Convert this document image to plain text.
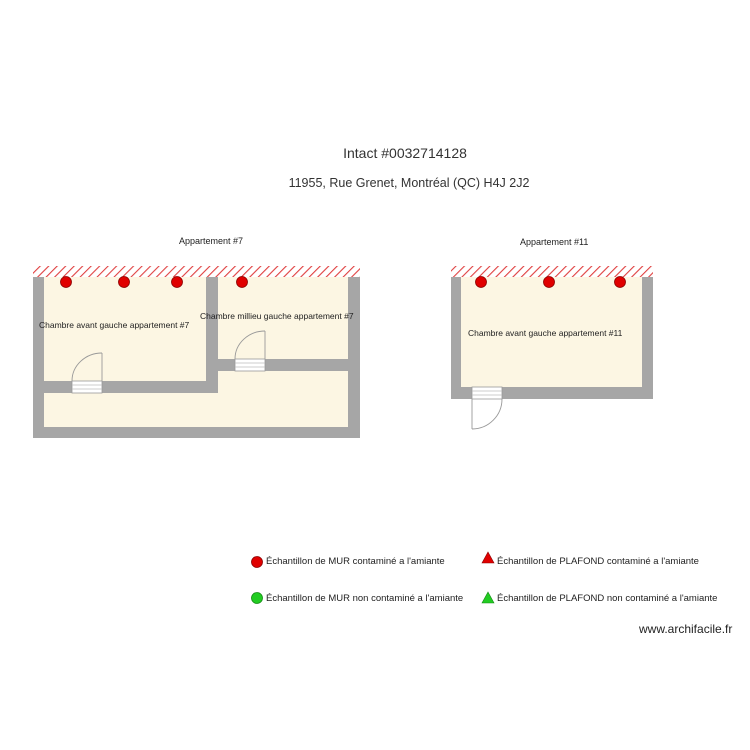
Intact #0032714128
11955, Rue Grenet, Montréal (QC) H4J 2J2
Appartement #7	Appartement #11
Chambre avant gauche appartement #7
Chambre millieu gauche appartement #7
Chambre avant gauche appartement #11
Échantillon de MUR contaminé a l'amiante	Échantillon de PLAFOND contaminé a l'amiante
Échantillon de MUR non contaminé a l'amiante	Échantillon de PLAFOND non contaminé a l'amiante
www.archifacile.fr
